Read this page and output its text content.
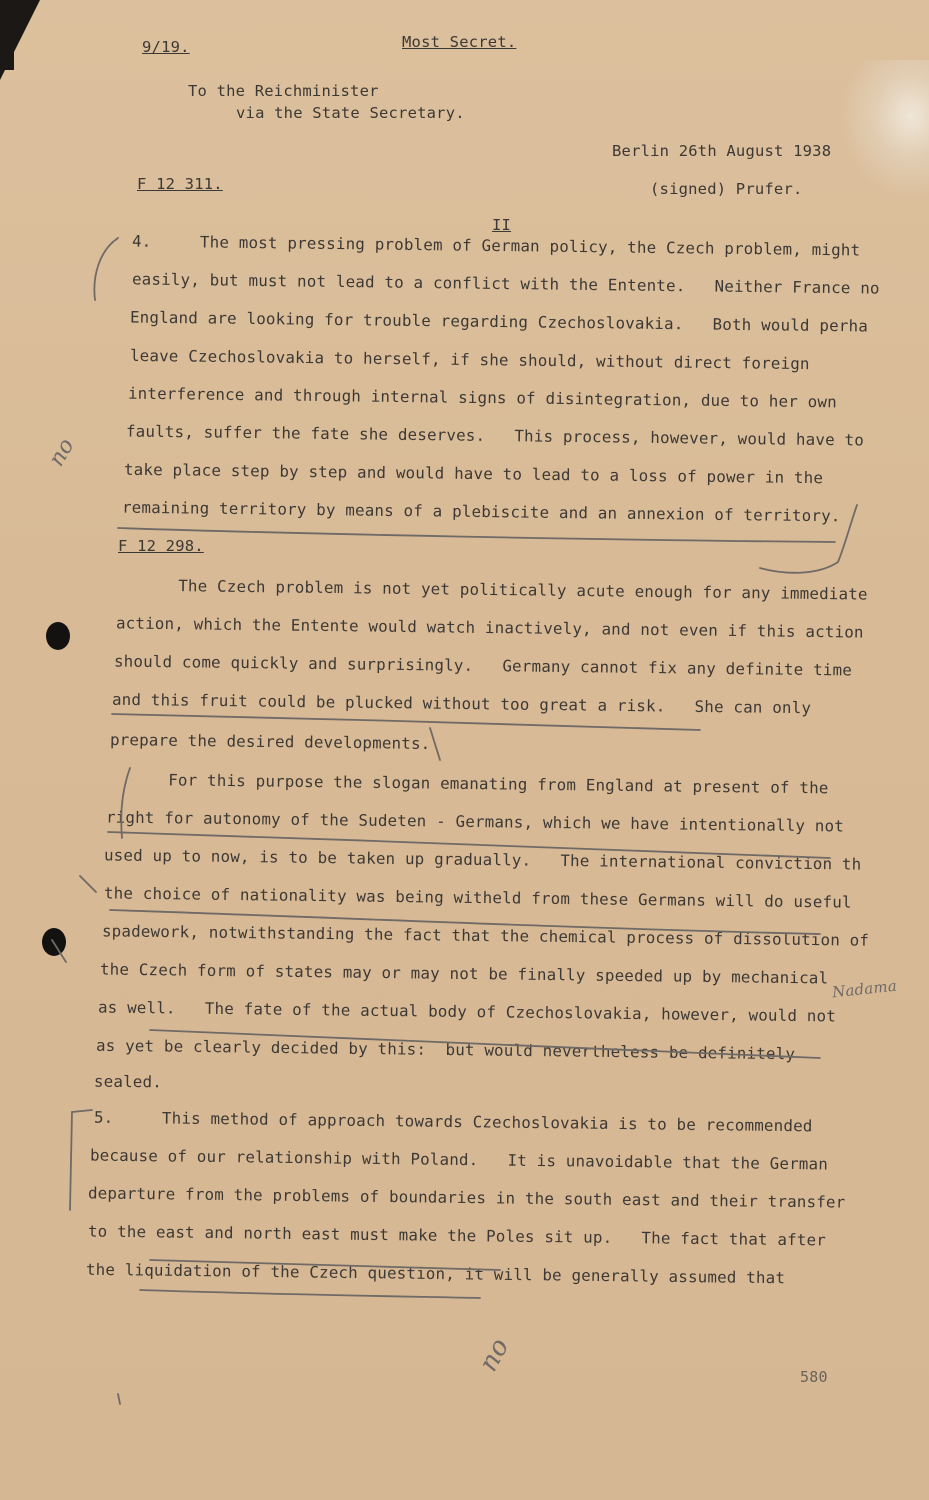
9/19.	Most Secret.
To the Reichminister
via the State Secretary.
Berlin 26th August 1938
F 12 311.	(signed) Prufer.
II
4.     The most pressing problem of German policy, the Czech problem, might
easily, but must not lead to a conflict with the Entente.   Neither France no
England are looking for trouble regarding Czechoslovakia.   Both would perha
leave Czechoslovakia to herself, if she should, without direct foreign
interference and through internal signs of disintegration, due to her own
faults, suffer the fate she deserves.   This process, however, would have to
take place step by step and would have to lead to a loss of power in the
remaining territory by means of a plebiscite and an annexion of territory.
F 12 298.
The Czech problem is not yet politically acute enough for any immediate
action, which the Entente would watch inactively, and not even if this action
should come quickly and surprisingly.   Germany cannot fix any definite time
and this fruit could be plucked without too great a risk.   She can only
prepare the desired developments.
For this purpose the slogan emanating from England at present of the
right for autonomy of the Sudeten - Germans, which we have intentionally not
used up to now, is to be taken up gradually.   The international conviction th
the choice of nationality was being witheld from these Germans will do useful
spadework, notwithstanding the fact that the chemical process of dissolution of
the Czech form of states may or may not be finally speeded up by mechanical
as well.   The fate of the actual body of Czechoslovakia, however, would not
as yet be clearly decided by this:  but would nevertheless be definitely
sealed.
5.     This method of approach towards Czechoslovakia is to be recommended
because of our relationship with Poland.   It is unavoidable that the German
departure from the problems of boundaries in the south east and their transfer
to the east and north east must make the Poles sit up.   The fact that after
the liquidation of the Czech question, it will be generally assumed that
580
no
no
Nadama
